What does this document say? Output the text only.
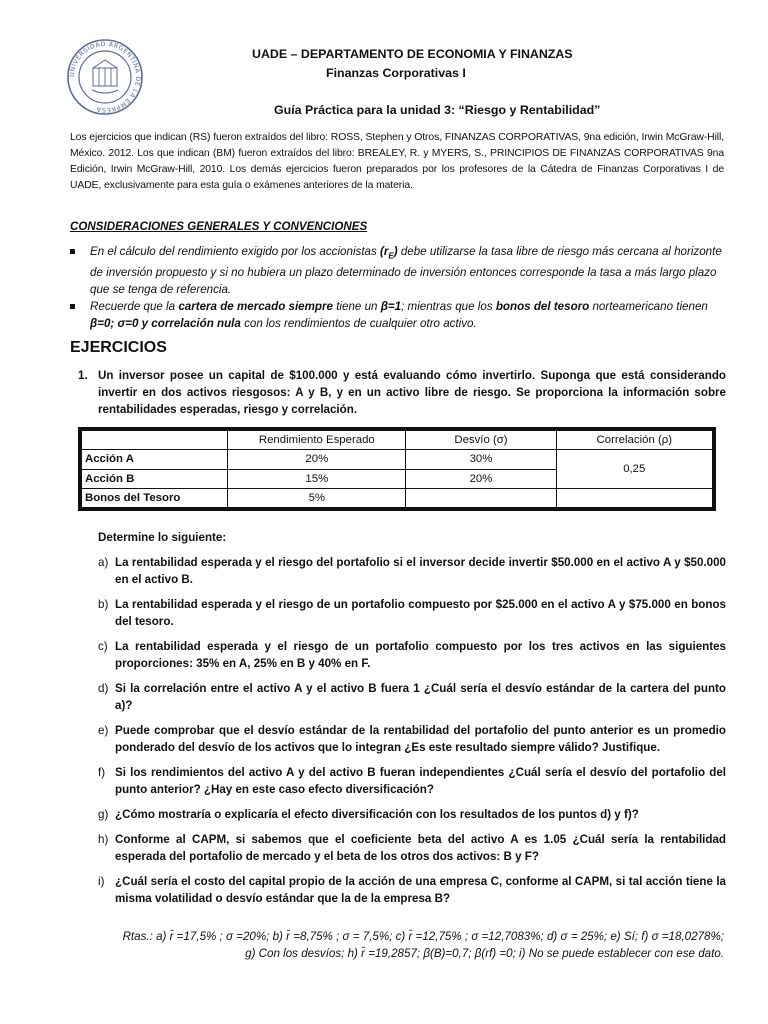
UNIVERSIDAD ARGENTINA DE LA EMPRESA
UADE – DEPARTAMENTO DE ECONOMIA Y FINANZAS
Finanzas Corporativas I
Guía Práctica para la unidad 3: “Riesgo y Rentabilidad”

Los ejercicios que indican (RS) fueron extraídos del libro: ROSS, Stephen y Otros, FINANZAS CORPORATIVAS, 9na edición, Irwin McGraw-Hill, México. 2012. Los que indican (BM) fueron extraídos del libro: BREALEY, R. y MYERS, S., PRINCIPIOS DE FINANZAS CORPORATIVAS 9na Edición, Irwin McGraw-Hill, 2010. Los demás ejercicios fueron preparados por los profesores de la Cátedra de Finanzas Corporativas I de UADE, exclusivamente para esta guía o exámenes anteriores de la materia.

CONSIDERACIONES GENERALES Y CONVENCIONES
En el cálculo del rendimiento exigido por los accionistas $(r_E)$ debe utilizarse la tasa libre de riesgo más cercana al horizonte de inversión propuesto y si no hubiera un plazo determinado de inversión entonces corresponde la tasa a más largo plazo que se tenga de referencia.
Recuerde que la cartera de mercado siempre tiene un β=1; mientras que los bonos del tesoro norteamericano tienen β=0; σ=0 y correlación nula con los rendimientos de cualquier otro activo.
EJERCICIOS
1. Un inversor posee un capital de $100.000 y está evaluando cómo invertirlo. Suponga que está considerando invertir en dos activos riesgosos: A y B, y en un activo libre de riesgo. Se proporciona la información sobre rentabilidades esperadas, riesgo y correlación.
	Rendimiento Esperado	Desvío (σ)	Correlación (ρ)
Acción A	20%	30%	0,25
Acción B	15%	20%	
Bonos del Tesoro	5%		
Determine lo siguiente:
a) La rentabilidad esperada y el riesgo del portafolio si el inversor decide invertir $50.000 en el activo A y $50.000 en el activo B.
b) La rentabilidad esperada y el riesgo de un portafolio compuesto por $25.000 en el activo A y $75.000 en bonos del tesoro.
c) La rentabilidad esperada y el riesgo de un portafolio compuesto por los tres activos en las siguientes proporciones: 35% en A, 25% en B y 40% en F.
d) Si la correlación entre el activo A y el activo B fuera 1 ¿Cuál sería el desvío estándar de la cartera del punto a)?
e) Puede comprobar que el desvío estándar de la rentabilidad del portafolio del punto anterior es un promedio ponderado del desvío de los activos que lo integran ¿Es este resultado siempre válido? Justifique.
f) Si los rendimientos del activo A y del activo B fueran independientes ¿Cuál sería el desvío del portafolio del punto anterior? ¿Hay en este caso efecto diversificación?
g) ¿Cómo mostraría o explicaría el efecto diversificación con los resultados de los puntos d) y f)?
h) Conforme al CAPM, si sabemos que el coeficiente beta del activo A es 1.05 ¿Cuál sería la rentabilidad esperada del portafolio de mercado y el beta de los otros dos activos: B y F?
i) ¿Cuál sería el costo del capital propio de la acción de una empresa C, conforme al CAPM, si tal acción tiene la misma volatilidad o desvío estándar que la de la empresa B?
Rtas.: a) r̄ =17,5% ; σ =20%; b) r̄ =8,75% ; σ = 7,5%; c) r̄ =12,75% ; σ =12,7083%; d) σ = 25%; e) Sí; f) σ =18,0278%;
g) Con los desvíos; h) r̄ =19,2857; β(B)=0,7; β(rf) =0; i) No se puede establecer con ese dato.
